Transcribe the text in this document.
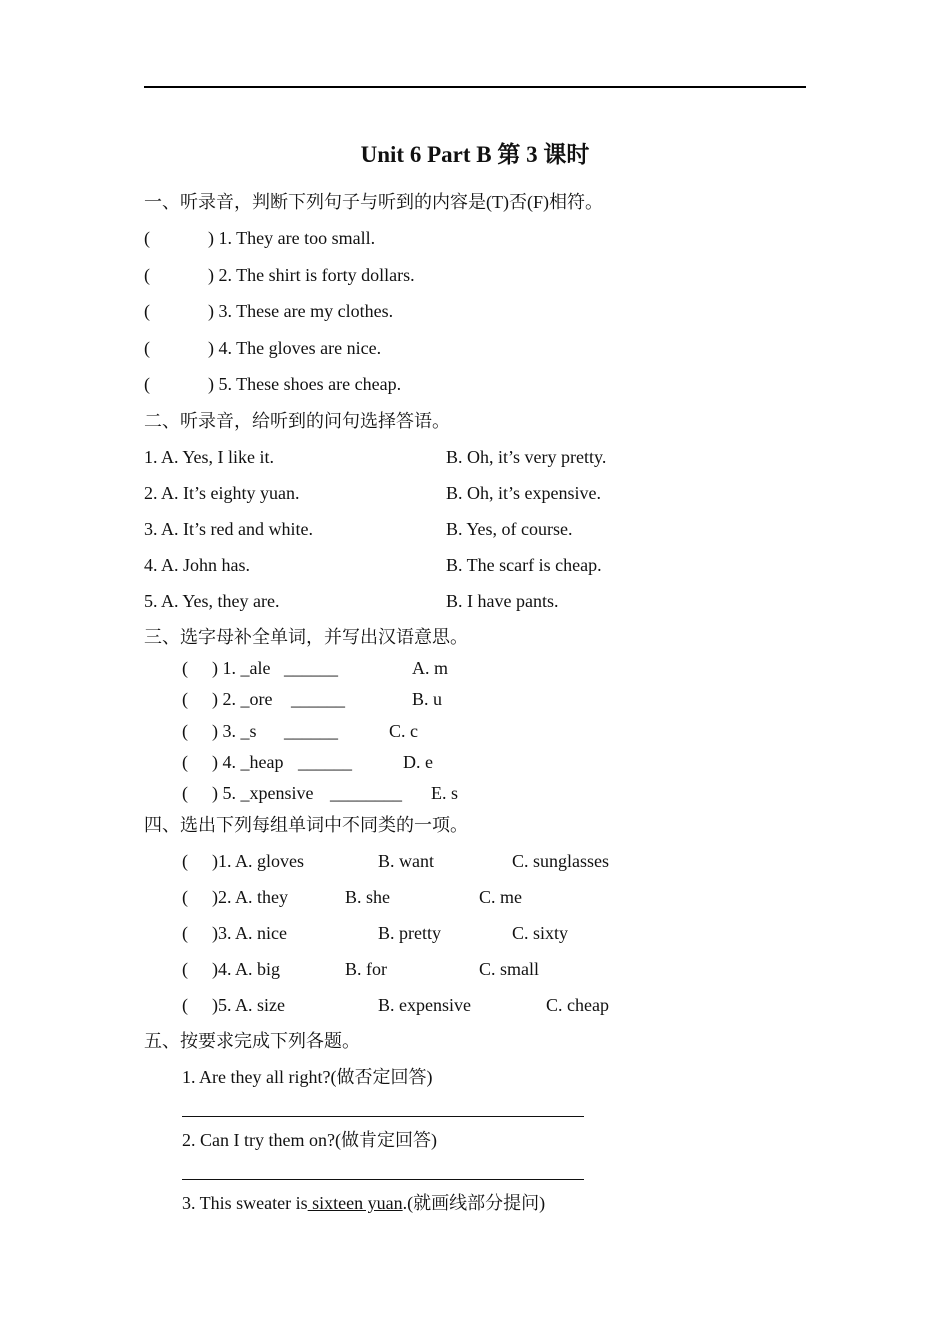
Unit 6 Part B 第 3 课时
一、听录音，判断下列句子与听到的内容是(T)否(F)相符。
(	) 1. They are too small.
(	) 2. The shirt is forty dollars.
(	) 3. These are my clothes.
(	) 4. The gloves are nice.
(	) 5. These shoes are cheap.
二、听录音，给听到的问句选择答语。
1. A. Yes, I like it.	B. Oh, it’s very pretty.
2. A. It’s eighty yuan.	B. Oh, it’s expensive.
3. A. It’s red and white.	B. Yes, of course.
4. A. John has.	B. The scarf is cheap.
5. A. Yes, they are.	B. I have pants.
三、选字母补全单词，并写出汉语意思。
( ) 1. _ale ______	A. m
( ) 2. _ore ______	B. u
( ) 3. _s ______	C. c
( ) 4. _heap ______	D. e
( ) 5. _xpensive ________ E. s
四、选出下列每组单词中不同类的一项。
( )1. A. gloves	B. want	C. sunglasses
( )2. A. they	B. she	C. me
( )3. A. nice	B. pretty	C. sixty
( )4. A. big	B. for	C. small
( )5. A. size	B. expensive	C. cheap
五、按要求完成下列各题。
1. Are they all right?(做否定回答)
2. Can I try them on?(做肯定回答)
3. This sweater is sixteen yuan.(就画线部分提问)
